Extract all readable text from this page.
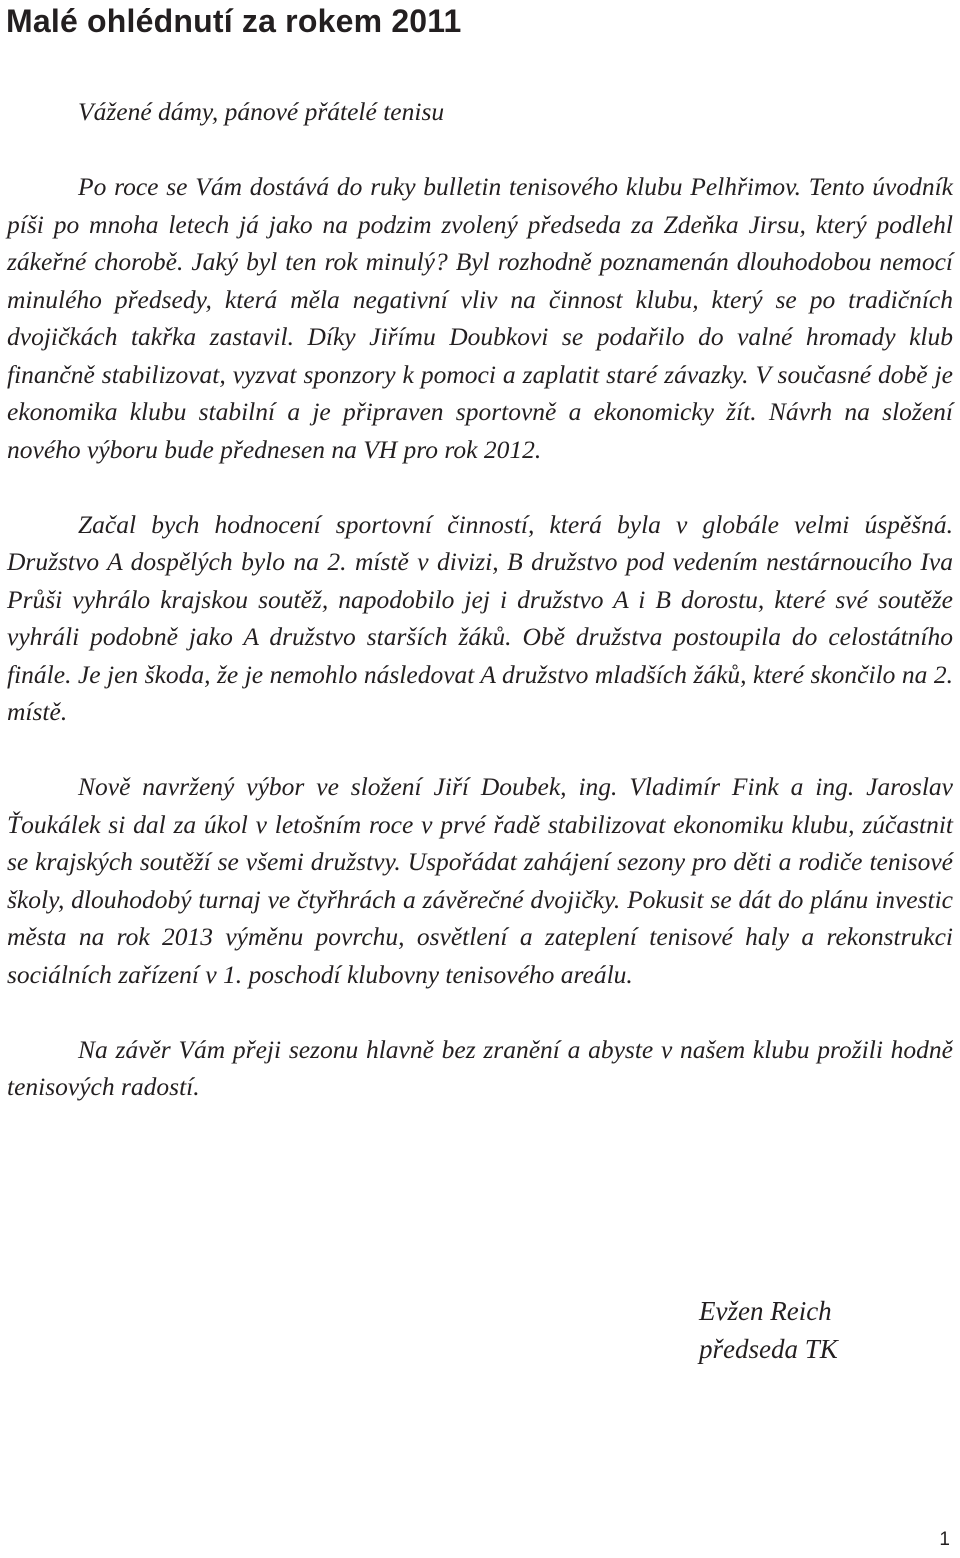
Malé ohlédnutí za rokem 2011

Vážené dámy, pánové přátelé tenisu

Po roce se Vám dostává do ruky bulletin tenisového klubu Pelhřimov. Tento úvodník píši po mnoha letech já jako na podzim zvolený předseda za Zdeňka Jirsu, který podlehl zákeřné chorobě. Jaký byl ten rok minulý? Byl rozhodně poznamenán dlouhodobou nemocí minulého předsedy, která měla negativní vliv na činnost klubu, který se po tradičních dvojičkách takřka zastavil. Díky Jiřímu Doubkovi se podařilo do valné hromady klub finančně stabilizovat, vyzvat sponzory k pomoci a zaplatit staré závazky. V současné době je ekonomika klubu stabilní a je připraven sportovně a ekonomicky žít. Návrh na složení nového výboru bude přednesen na VH pro rok 2012.

Začal bych hodnocení sportovní činností, která byla v globále velmi úspěšná. Družstvo A dospělých bylo na 2. místě v divizi, B družstvo pod vedením nestárnoucího Iva Průši vyhrálo krajskou soutěž, napodobilo jej i družstvo A i B dorostu, které své soutěže vyhráli podobně jako A družstvo starších žáků. Obě družstva postoupila do celostátního finále. Je jen škoda, že je nemohlo následovat A družstvo mladších žáků, které skončilo na 2. místě.

Nově navržený výbor ve složení Jiří Doubek, ing. Vladimír Fink a ing. Jaroslav Ťoukálek si dal za úkol v letošním roce v prvé řadě stabilizovat ekonomiku klubu, zúčastnit se krajských soutěží se všemi družstvy. Uspořádat zahájení sezony pro děti a rodiče tenisové školy, dlouhodobý turnaj ve čtyřhrách a závěrečné dvojičky. Pokusit se dát do plánu investic města na rok 2013 výměnu povrchu, osvětlení a zateplení tenisové haly a rekonstrukci sociálních zařízení v 1. poschodí klubovny tenisového areálu.

Na závěr Vám přeji sezonu hlavně bez zranění a abyste v našem klubu prožili hodně tenisových radostí.

Evžen Reich
předseda TK
1
